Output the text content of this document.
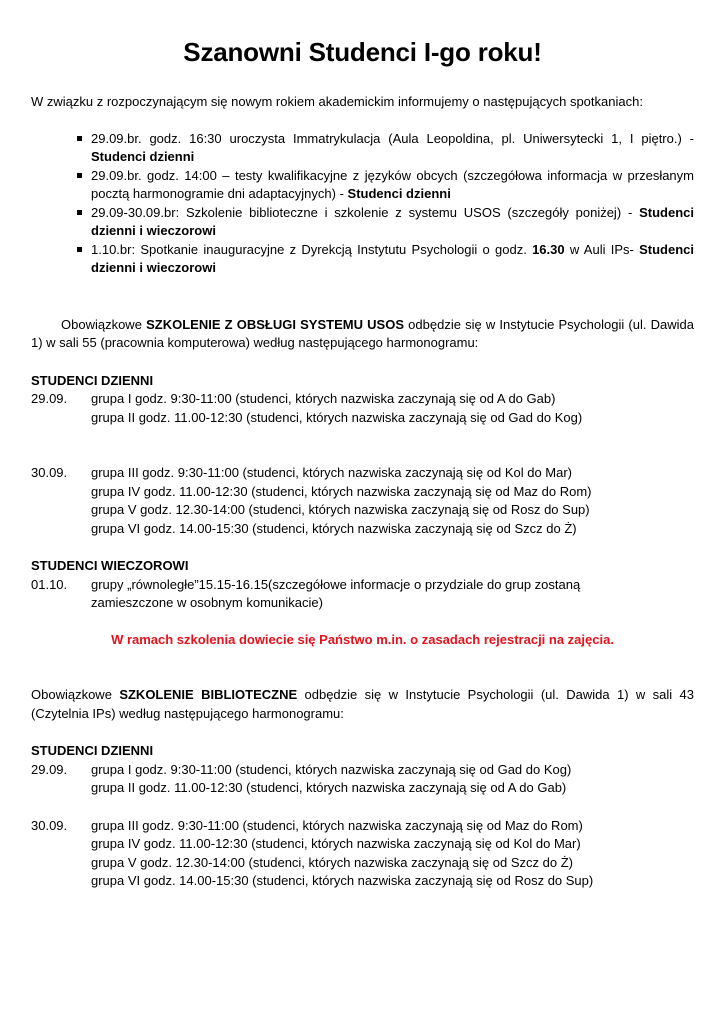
Szanowni Studenci I-go roku!

W związku z rozpoczynającym się nowym rokiem akademickim informujemy o następujących spotkaniach:

29.09.br. godz. 16:30 uroczysta Immatrykulacja (Aula Leopoldina, pl. Uniwersytecki 1, I piętro.) - Studenci dzienni
29.09.br. godz. 14:00 – testy kwalifikacyjne z języków obcych (szczegółowa informacja w przesłanym pocztą harmonogramie dni adaptacyjnych) - Studenci dzienni
29.09-30.09.br: Szkolenie biblioteczne i szkolenie z systemu USOS (szczegóły poniżej) - Studenci dzienni i wieczorowi
1.10.br: Spotkanie inauguracyjne z Dyrekcją Instytutu Psychologii o godz. 16.30 w Auli IPs- Studenci dzienni i wieczorowi
Obowiązkowe SZKOLENIE Z OBSŁUGI SYSTEMU USOS odbędzie się w Instytucie Psychologii (ul. Dawida 1) w sali 55 (pracownia komputerowa) według następującego harmonogramu:
STUDENCI DZIENNI
29.09.	grupa I godz. 9:30-11:00 (studenci, których nazwiska zaczynają się od A do Gab)
grupa II godz. 11.00-12:30 (studenci, których nazwiska zaczynają się od Gad do Kog)
30.09.	grupa III godz. 9:30-11:00 (studenci, których nazwiska zaczynają się od Kol do Mar)
grupa IV godz. 11.00-12:30 (studenci, których nazwiska zaczynają się od Maz do Rom)
grupa V godz. 12.30-14:00 (studenci, których nazwiska zaczynają się od Rosz do Sup)
grupa VI godz. 14.00-15:30 (studenci, których nazwiska zaczynają się od Szcz do Ż)
STUDENCI WIECZOROWI
01.10.	grupy „równoległe”15.15-16.15(szczegółowe informacje o przydziale do grup zostaną
zamieszczone w osobnym komunikacie)
W ramach szkolenia dowiecie się Państwo m.in. o zasadach rejestracji na zajęcia.
Obowiązkowe SZKOLENIE BIBLIOTECZNE odbędzie się w Instytucie Psychologii (ul. Dawida 1) w sali 43 (Czytelnia IPs) według następującego harmonogramu:
STUDENCI DZIENNI
29.09.	grupa I godz. 9:30-11:00 (studenci, których nazwiska zaczynają się od Gad do Kog)
grupa II godz. 11.00-12:30 (studenci, których nazwiska zaczynają się od A do Gab)
30.09.	grupa III godz. 9:30-11:00 (studenci, których nazwiska zaczynają się od Maz do Rom)
grupa IV godz. 11.00-12:30 (studenci, których nazwiska zaczynają się od Kol do Mar)
grupa V godz. 12.30-14:00 (studenci, których nazwiska zaczynają się od Szcz do Ż)
grupa VI godz. 14.00-15:30 (studenci, których nazwiska zaczynają się od Rosz do Sup)
